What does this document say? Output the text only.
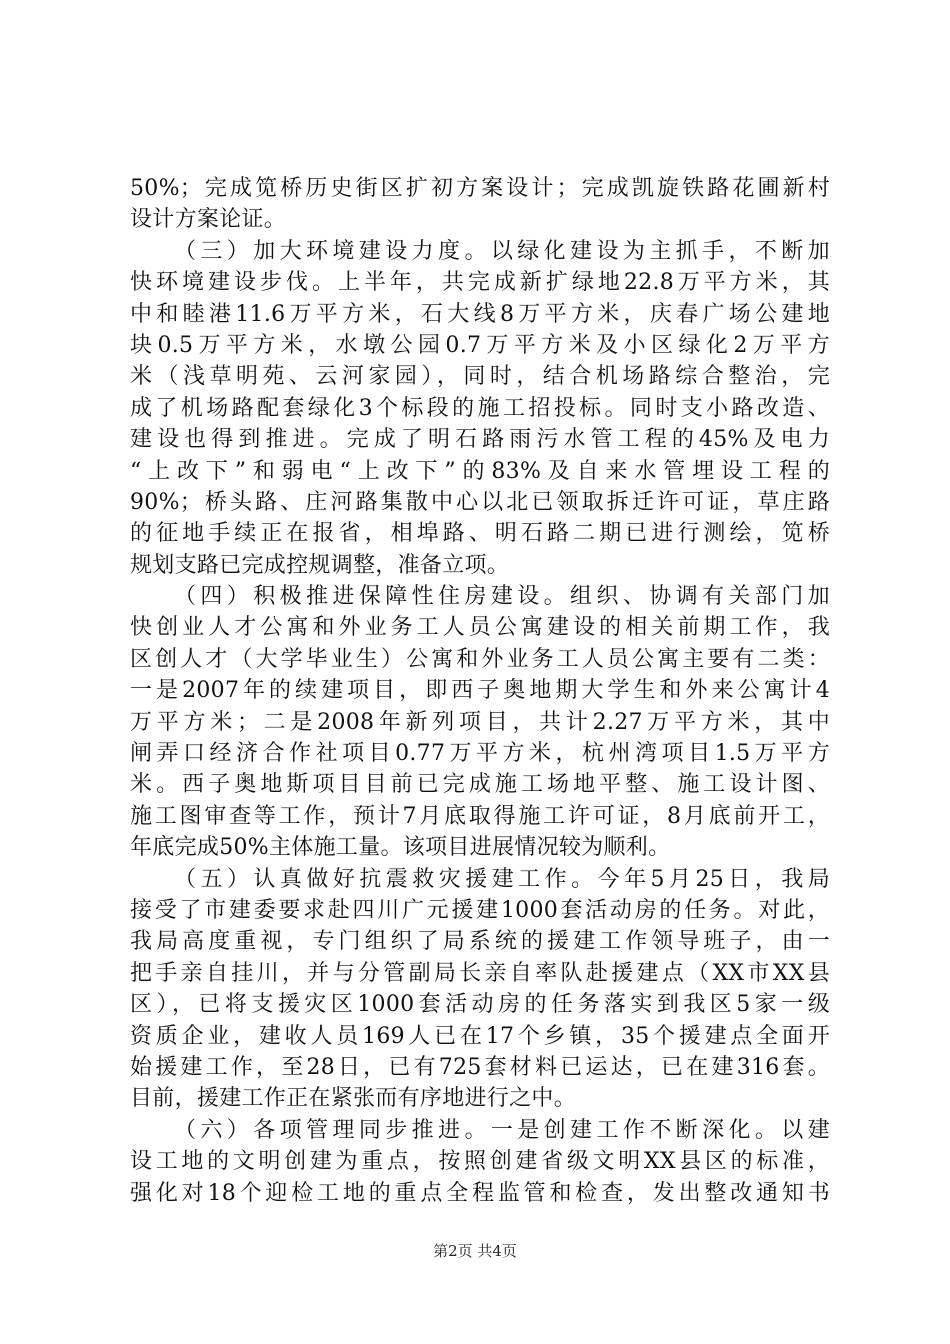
50%；完成笕桥历史街区扩初方案设计；完成凯旋铁路花圃新村
设计方案论证。
（三）加大环境建设力度。以绿化建设为主抓手，不断加
快环境建设步伐。上半年，共完成新扩绿地22.8万平方米，其
中和睦港11.6万平方米，石大线8万平方米，庆春广场公建地
块0.5万平方米，水墩公园0.7万平方米及小区绿化2万平方
米（浅草明苑、云河家园），同时，结合机场路综合整治，完
成了机场路配套绿化3个标段的施工招投标。同时支小路改造、
建设也得到推进。完成了明石路雨污水管工程的45%及电力
“上改下”和弱电“上改下”的83%及自来水管埋设工程的
90%；桥头路、庄河路集散中心以北已领取拆迁许可证，草庄路
的征地手续正在报省，相埠路、明石路二期已进行测绘，笕桥
规划支路已完成控规调整，准备立项。
（四）积极推进保障性住房建设。组织、协调有关部门加
快创业人才公寓和外业务工人员公寓建设的相关前期工作，我
区创人才（大学毕业生）公寓和外业务工人员公寓主要有二类：
一是2007年的续建项目，即西子奥地期大学生和外来公寓计4
万平方米；二是2008年新列项目，共计2.27万平方米，其中
闸弄口经济合作社项目0.77万平方米，杭州湾项目1.5万平方
米。西子奥地斯项目目前已完成施工场地平整、施工设计图、
施工图审查等工作，预计7月底取得施工许可证，8月底前开工，
年底完成50%主体施工量。该项目进展情况较为顺利。
（五）认真做好抗震救灾援建工作。今年5月25日，我局
接受了市建委要求赴四川广元援建1000套活动房的任务。对此，
我局高度重视，专门组织了局系统的援建工作领导班子，由一
把手亲自挂川，并与分管副局长亲自率队赴援建点（XX市XX县
区），已将支援灾区1000套活动房的任务落实到我区5家一级
资质企业，建收人员169人已在17个乡镇，35个援建点全面开
始援建工作，至28日，已有725套材料已运达，已在建316套。
目前，援建工作正在紧张而有序地进行之中。
（六）各项管理同步推进。一是创建工作不断深化。以建
设工地的文明创建为重点，按照创建省级文明XX县区的标准，
强化对18个迎检工地的重点全程监管和检查，发出整改通知书
第2页 共4页
